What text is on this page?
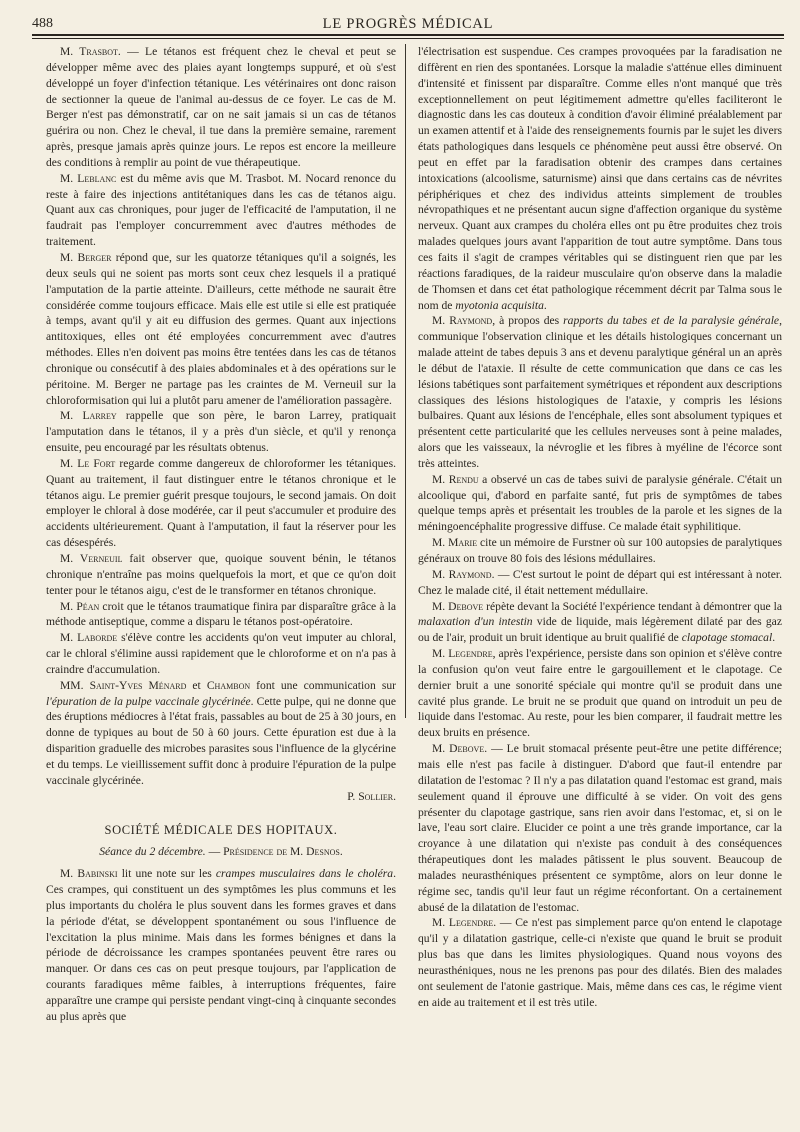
488	LE PROGRÈS MÉDICAL

M. Trasbot. — Le tétanos est fréquent chez le cheval et peut se développer même avec des plaies ayant longtemps suppuré, et où s'est développé un foyer d'infection tétanique. Les vétérinaires ont donc raison de sectionner la queue de l'animal au-dessus de ce foyer. Le cas de M. Berger n'est pas démonstratif, car on ne sait jamais si un cas de tétanos guérira ou non. Chez le cheval, il tue dans la première semaine, rarement après, presque jamais après quinze jours. Le repos est encore la meilleure des conditions à remplir au point de vue thérapeutique.

M. Leblanc est du même avis que M. Trasbot. M. Nocard renonce du reste à faire des injections antitétaniques dans les cas de tétanos aigu. Quant aux cas chroniques, pour juger de l'efficacité de l'amputation, il ne faudrait pas l'employer concurremment avec d'autres méthodes de traitement.

M. Berger répond que, sur les quatorze tétaniques qu'il a soignés, les deux seuls qui ne soient pas morts sont ceux chez lesquels il a pratiqué l'amputation de la partie atteinte. D'ailleurs, cette méthode ne saurait être considérée comme toujours efficace. Mais elle est utile si elle est pratiquée à temps, avant qu'il y ait eu diffusion des germes. Quant aux injections antitoxiques, elles ont été employées concurremment avec d'autres méthodes. Elles n'en doivent pas moins être tentées dans les cas de tétanos chronique ou consécutif à des plaies abdominales et à des opérations sur le péritoine. M. Berger ne partage pas les craintes de M. Verneuil sur la chloroformisation qui lui a plutôt paru amener de l'amélioration passagère.

M. Larrey rappelle que son père, le baron Larrey, pratiquait l'amputation dans le tétanos, il y a près d'un siècle, et qu'il y renonça ensuite, peu encouragé par les résultats obtenus.

M. Le Fort regarde comme dangereux de chloroformer les tétaniques. Quant au traitement, il faut distinguer entre le tétanos chronique et le tétanos aigu. Le premier guérit presque toujours, le second jamais. On doit employer le chloral à dose modérée, car il peut s'accumuler et produire des accidents ultérieurement. Quant à l'amputation, il faut la réserver pour les cas désespérés.

M. Verneuil fait observer que, quoique souvent bénin, le tétanos chronique n'entraîne pas moins quelquefois la mort, et que ce qu'on doit tenter pour le tétanos aigu, c'est de le transformer en tétanos chronique.

M. Péan croit que le tétanos traumatique finira par disparaître grâce à la méthode antiseptique, comme a disparu le tétanos post-opératoire.

M. Laborde s'élève contre les accidents qu'on veut imputer au chloral, car le chloral s'élimine aussi rapidement que le chloroforme et on n'a pas à craindre d'accumulation.

MM. Saint-Yves Ménard et Chambon font une communication sur l'épuration de la pulpe vaccinale glycérinée. Cette pulpe, qui ne donne que des éruptions médiocres à l'état frais, passables au bout de 25 à 30 jours, en donne de typiques au bout de 50 à 60 jours. Cette épuration est due à la disparition graduelle des microbes parasites sous l'influence de la glycérine et du temps. Le vieillissement suffit donc à produire l'épuration de la pulpe vaccinale glycérinée.

P. Sollier.

SOCIÉTÉ MÉDICALE DES HOPITAUX.

Séance du 2 décembre. — Présidence de M. Desnos.

M. Babinski lit une note sur les crampes musculaires dans le choléra. Ces crampes, qui constituent un des symptômes les plus communs et les plus importants du choléra le plus souvent dans les formes graves et dans la période d'état, se développent spontanément ou sous l'influence de l'excitation la plus minime. Mais dans les formes bénignes et dans la période de décroissance les crampes spontanées peuvent être rares ou manquer. Or dans ces cas on peut presque toujours, par l'application de courants faradiques même faibles, à interruptions fréquentes, faire apparaître une crampe qui persiste pendant vingt-cinq à cinquante secondes au plus après que

l'électrisation est suspendue. Ces crampes provoquées par la faradisation ne diffèrent en rien des spontanées. Lorsque la maladie s'atténue elles diminuent d'intensité et finissent par disparaître. Comme elles n'ont manqué que très exceptionnellement on peut légitimement admettre qu'elles faciliteront le diagnostic dans les cas douteux à condition d'avoir éliminé préalablement par un examen attentif et à l'aide des renseignements fournis par le sujet les divers états pathologiques dans lesquels ce phénomène peut aussi être observé. On peut en effet par la faradisation obtenir des crampes dans certaines intoxications (alcoolisme, saturnisme) ainsi que dans certains cas de névrites périphériques et chez des individus atteints simplement de troubles névropathiques et ne présentant aucun signe d'affection organique du système nerveux. Quant aux crampes du choléra elles ont pu être produites chez trois malades quelques jours avant l'apparition de tout autre symptôme. Dans tous ces faits il s'agit de crampes véritables qui se distinguent rien que par les réactions faradiques, de la raideur musculaire qu'on observe dans la maladie de Thomsen et dans cet état pathologique récemment décrit par Talma sous le nom de myotonia acquisita.

M. Raymond, à propos des rapports du tabes et de la paralysie générale, communique l'observation clinique et les détails histologiques concernant un malade atteint de tabes depuis 3 ans et devenu paralytique général un an après le début de l'ataxie. Il résulte de cette communication que dans ce cas les lésions tabétiques sont parfaitement symétriques et répondent aux descriptions classiques des lésions histologiques de l'ataxie, y compris les lésions bulbaires. Quant aux lésions de l'encéphale, elles sont absolument typiques et présentent cette particularité que les cellules nerveuses sont à peine malades, alors que les vaisseaux, la névroglie et les fibres à myéline de l'écorce sont très atteintes.

M. Rendu a observé un cas de tabes suivi de paralysie générale. C'était un alcoolique qui, d'abord en parfaite santé, fut pris de symptômes de tabes quelque temps après et présentait les troubles de la parole et les signes de la méningoencéphalite progressive diffuse. Ce malade était syphilitique.

M. Marie cite un mémoire de Furstner où sur 100 autopsies de paralytiques généraux on trouve 80 fois des lésions médullaires.

M. Raymond. — C'est surtout le point de départ qui est intéressant à noter. Chez le malade cité, il était nettement médullaire.

M. Debove répète devant la Société l'expérience tendant à démontrer que la malaxation d'un intestin vide de liquide, mais légèrement dilaté par des gaz ou de l'air, produit un bruit identique au bruit qualifié de clapotage stomacal.

M. Legendre, après l'expérience, persiste dans son opinion et s'élève contre la confusion qu'on veut faire entre le gargouillement et le clapotage. Ce dernier bruit a une sonorité spéciale qui montre qu'il se produit dans une cavité plus grande. Le bruit ne se produit que quand on introduit un peu de liquide dans l'estomac. Au reste, pour les bien comparer, il faudrait mettre les deux bruits en présence.

M. Debove. — Le bruit stomacal présente peut-être une petite différence; mais elle n'est pas facile à distinguer. D'abord que faut-il entendre par dilatation de l'estomac ? Il n'y a pas dilatation quand l'estomac est grand, mais seulement quand il éprouve une difficulté à se vider. On voit des gens présenter du clapotage gastrique, sans rien avoir dans l'estomac, et, si on le lave, l'eau sort claire. Elucider ce point a une très grande importance, car la croyance à une dilatation qui n'existe pas conduit à des conséquences thérapeutiques dont les malades pâtissent le plus souvent. Beaucoup de malades neurasthéniques présentent ce symptôme, alors on leur donne le régime sec, tandis qu'il leur faut un régime réconfortant. On a certainement abusé de la dilatation de l'estomac.

M. Legendre. — Ce n'est pas simplement parce qu'on entend le clapotage qu'il y a dilatation gastrique, celle-ci n'existe que quand le bruit se produit plus bas que dans les limites physiologiques. Quand nous voyons des neurasthéniques, nous ne les prenons pas pour des dilatés. Bien des malades ont seulement de l'atonie gastrique. Mais, même dans ces cas, le régime vient en aide au traitement et il est très utile.
